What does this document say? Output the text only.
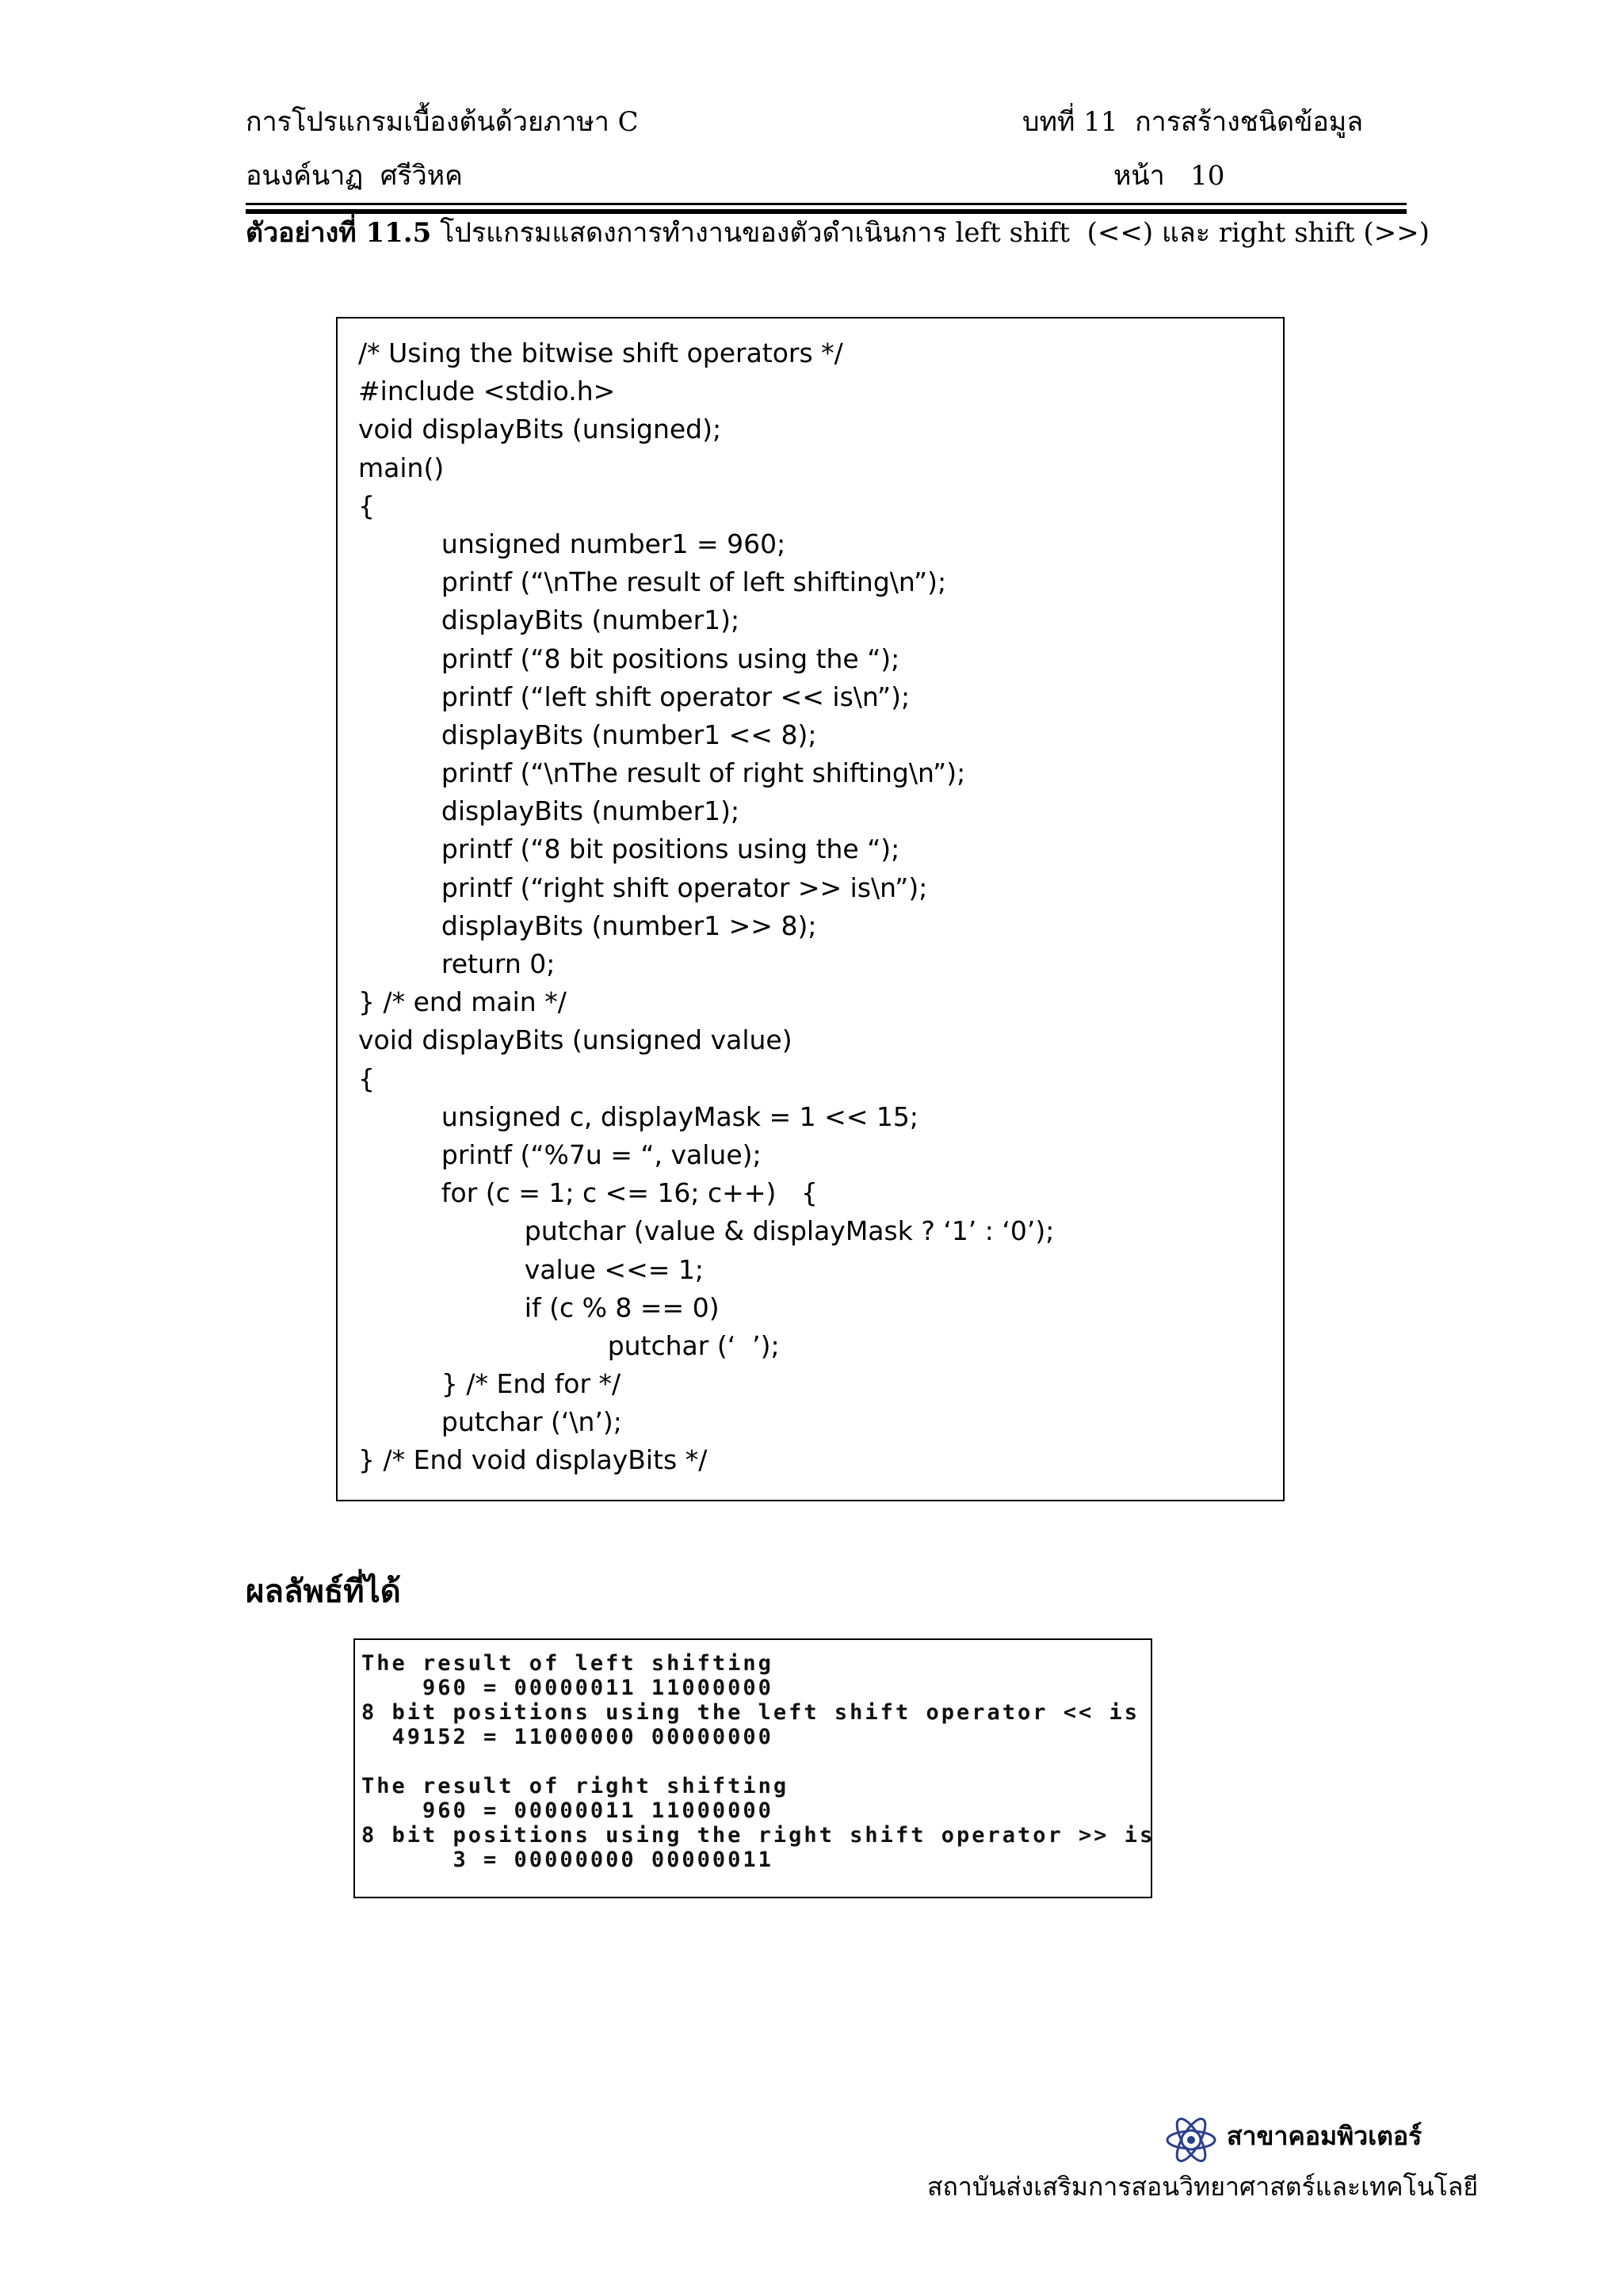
การโปรแกรมเบื้องต้นด้วยภาษา C	บทที่ 11  การสร้างชนิดข้อมูล
อนงค์นาฏ  ศรีวิหค	หน้า   10
ตัวอย่างที่ 11.5 โปรแกรมแสดงการทำงานของตัวดำเนินการ left shift  (<<) และ right shift (>>)
/* Using the bitwise shift operators */
#include <stdio.h>
void displayBits (unsigned);
main()
{
unsigned number1 = 960;
printf (“\nThe result of left shifting\n”);
displayBits (number1);
printf (“8 bit positions using the “);
printf (“left shift operator << is\n”);
displayBits (number1 << 8);
printf (“\nThe result of right shifting\n”);
displayBits (number1);
printf (“8 bit positions using the “);
printf (“right shift operator >> is\n”);
displayBits (number1 >> 8);
return 0;
} /* end main */
void displayBits (unsigned value)
{
unsigned c, displayMask = 1 << 15;
printf (“%7u = “, value);
for (c = 1; c <= 16; c++)   {
putchar (value & displayMask ? ‘1’ : ‘0’);
value <<= 1;
if (c % 8 == 0)
putchar (‘  ’);
} /* End for */
putchar (‘\n’);
} /* End void displayBits */
ผลลัพธ์ที่ได้
The result of left shifting
960 = 00000011 11000000
8 bit positions using the left shift operator << is
49152 = 11000000 00000000
The result of right shifting
960 = 00000011 11000000
8 bit positions using the right shift operator >> is
3 = 00000000 00000011
สาขาคอมพิวเตอร์
สถาบันส่งเสริมการสอนวิทยาศาสตร์และเทคโนโลยี
